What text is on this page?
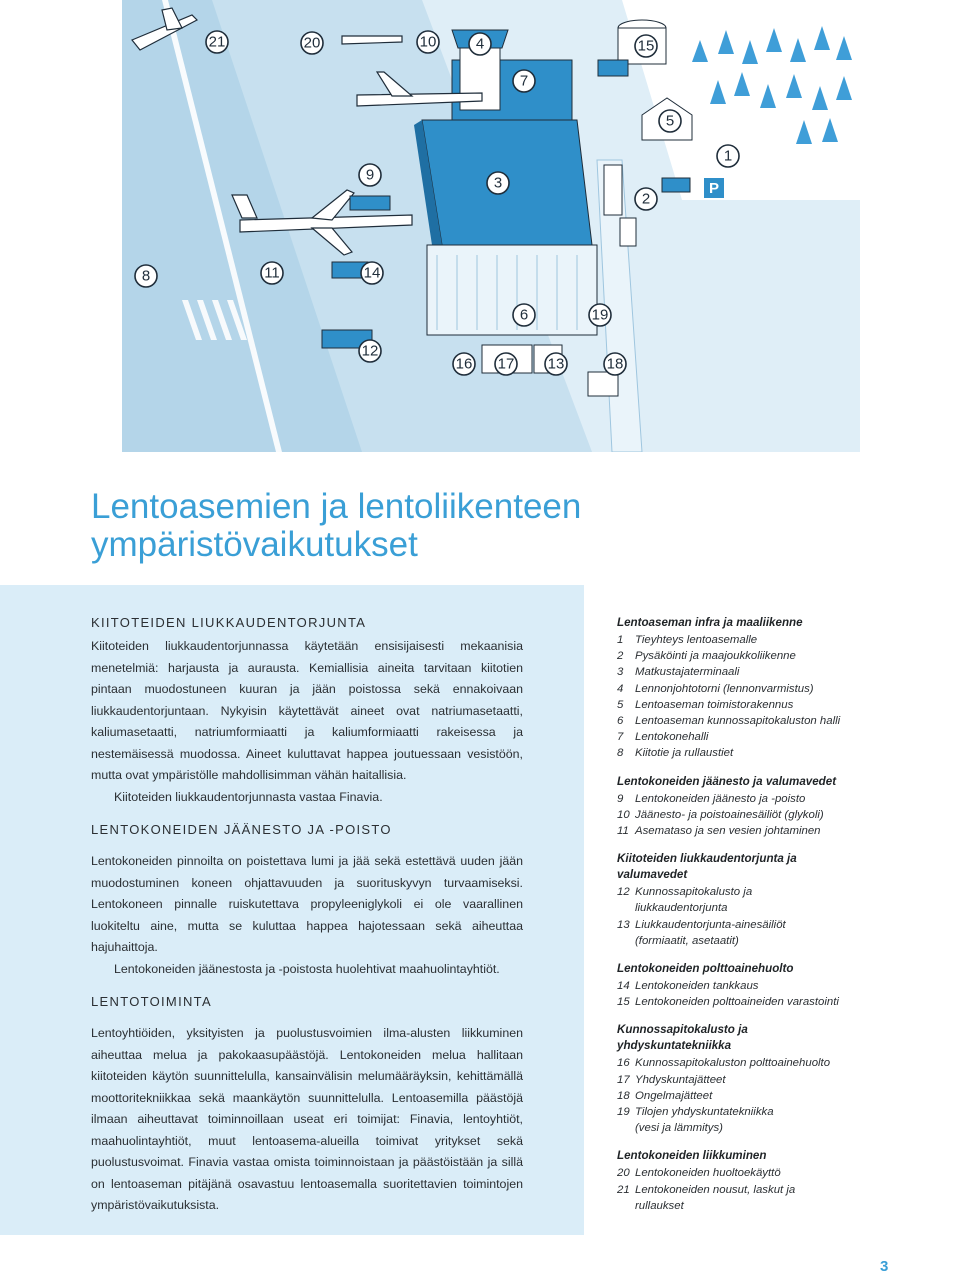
P
21	20	10	4
7
15
5
1
2
9	3
8	11	14
6	19
12
16 17 13	18
Lentoasemien ja lentoliikenteen
ympäristövaikutukset
KIITOTEIDEN LIUKKAUDENTORJUNTA

Kiitoteiden liukkaudentorjunnassa käytetään ensisijaisesti mekaanisia menetelmiä: harjausta ja aurausta. Kemiallisia aineita tarvitaan kiitotien pintaan muodostuneen kuuran ja jään poistossa sekä ennakoivaan liukkaudentorjuntaan. Nykyisin käytettävät aineet ovat natriumasetaatti, kaliumasetaatti, natriumformiaatti ja kaliumformiaatti rakeisessa ja nestemäisessä muodossa. Aineet kuluttavat happea joutuessaan vesistöön, mutta ovat ympäristölle mahdollisimman vähän haitallisia.

Kiitoteiden liukkaudentorjunnasta vastaa Finavia.

LENTOKONEIDEN JÄÄNESTO JA -POISTO

Lentokoneiden pinnoilta on poistettava lumi ja jää sekä estettävä uuden jään muodostuminen koneen ohjattavuuden ja suorituskyvyn turvaamiseksi. Lentokoneen pinnalle ruiskutettava propyleeniglykoli ei ole vaarallinen luokiteltu aine, mutta se kuluttaa happea hajotessaan sekä aiheuttaa hajuhaittoja.

Lentokoneiden jäänestosta ja -poistosta huolehtivat maahuolintayhtiöt.

LENTOTOIMINTA

Lentoyhtiöiden, yksityisten ja puolustusvoimien ilma-alusten liikkuminen aiheuttaa melua ja pakokaasupäästöjä. Lentokoneiden melua hallitaan kiitoteiden käytön suunnittelulla, kansainvälisin melumääräyksin, kehittämällä moottoritekniikkaa sekä maankäytön suunnittelulla. Lentoasemilla päästöjä ilmaan aiheuttavat toiminnoillaan useat eri toimijat: Finavia, lentoyhtiöt, maahuolintayhtiöt, muut lentoasema-alueilla toimivat yritykset sekä puolustusvoimat. Finavia vastaa omista toiminnoistaan ja päästöistään ja sillä on lentoaseman pitäjänä osavastuu lentoasemalla suoritettavien toimintojen ympäristövaikutuksista.

Lentoaseman infra ja maaliikenne
1	Tieyhteys lentoasemalle
2	Pysäköinti ja maajoukkoliikenne
3	Matkustajaterminaali
4	Lennonjohtotorni (lennonvarmistus)
5	Lentoaseman toimistorakennus
6	Lentoaseman kunnossapitokaluston halli
7	Lentokonehalli
8	Kiitotie ja rullaustiet
Lentokoneiden jäänesto ja valumavedet
9	Lentokoneiden jäänesto ja -poisto
10 Jäänesto- ja poistoainesäiliöt (glykoli)
11 Asemataso ja sen vesien johtaminen
Kiitoteiden liukkaudentorjunta ja valumavedet
12 Kunnossapitokalusto ja liukkaudentorjunta
13 Liukkaudentorjunta-ainesäiliöt (formiaatit, asetaatit)
Lentokoneiden polttoainehuolto
14 Lentokoneiden tankkaus
15 Lentokoneiden polttoaineiden varastointi
Kunnossapitokalusto ja yhdyskuntatekniikka
16 Kunnossapitokaluston polttoainehuolto
17 Yhdyskuntajätteet
18 Ongelmajätteet
19 Tilojen yhdyskuntatekniikka (vesi ja lämmitys)
Lentokoneiden liikkuminen
20 Lentokoneiden huoltoekäyttö
21 Lentokoneiden nousut, laskut ja rullaukset
3
